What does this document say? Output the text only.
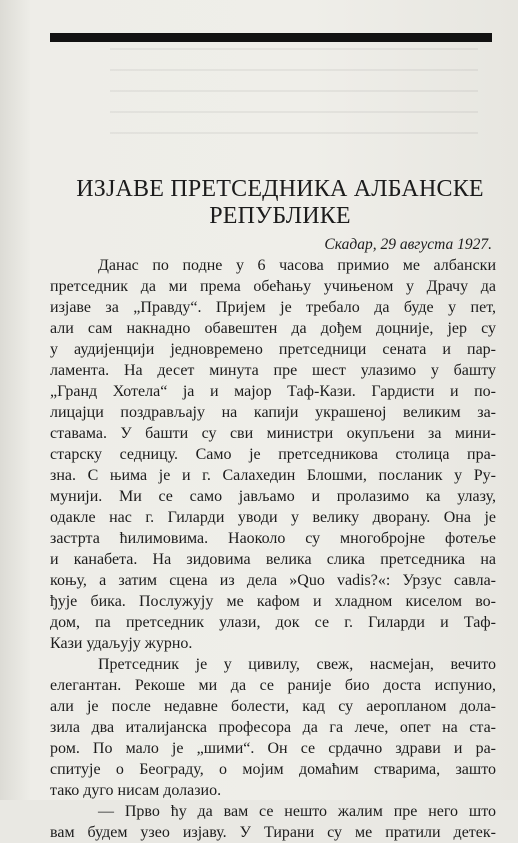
ИЗЈАВЕ ПРЕТСЕДНИКА АЛБАНСКЕ
РЕПУБЛИКЕ
Скадар, 29 августа 1927.

Данас по подне у 6 часова примио ме албански
претседник да ми према обећању учињеном у Драчу да
изјаве за „Правду“. Пријем је требало да буде у пет,
али сам накнадно обавештен да дођем доцније, јер су
у аудијенцији једновремено претседници сената и пар-
ламента. На десет минута пре шест улазимо у башту
„Гранд Хотела“ ја и мајор Таф-Кази. Гардисти и по-
лицајци поздрављају на капији украшеној великим за-
ставама. У башти су сви министри окупљени за мини-
старску седницу. Само је претседникова столица пра-
зна. С њима је и г. Салахедин Блошми, посланик у Ру-
мунији. Ми се само јављамо и пролазимо ка улазу,
одакле нас г. Гиларди уводи у велику дворану. Она је
застрта ћилимовима. Наоколо су многобројне фотеље
и канабета. На зидовима велика слика претседника на
коњу, а затим сцена из дела »Quo vadis?«: Урзус савла-
ђује бика. Послужују ме кафом и хладном киселом во-
дом, па претседник улази, док се г. Гиларди и Таф-
Кази удаљују журно.

Претседник је у цивилу, свеж, насмејан, вечито
елегантан. Рекоше ми да се раније био доста испунио,
али је после недавне болести, кад су аеропланом дола-
зила два италијанска професора да га лече, опет на ста-
ром. По мало је „шими“. Он се срдачно здрави и ра-
спитује о Београду, о мојим домаћим стварима, зашто
тако дуго нисам долазио.

— Прво ћу да вам се нешто жалим пре него што
вам будем узео изјаву. У Тирани су ме пратили детек-
